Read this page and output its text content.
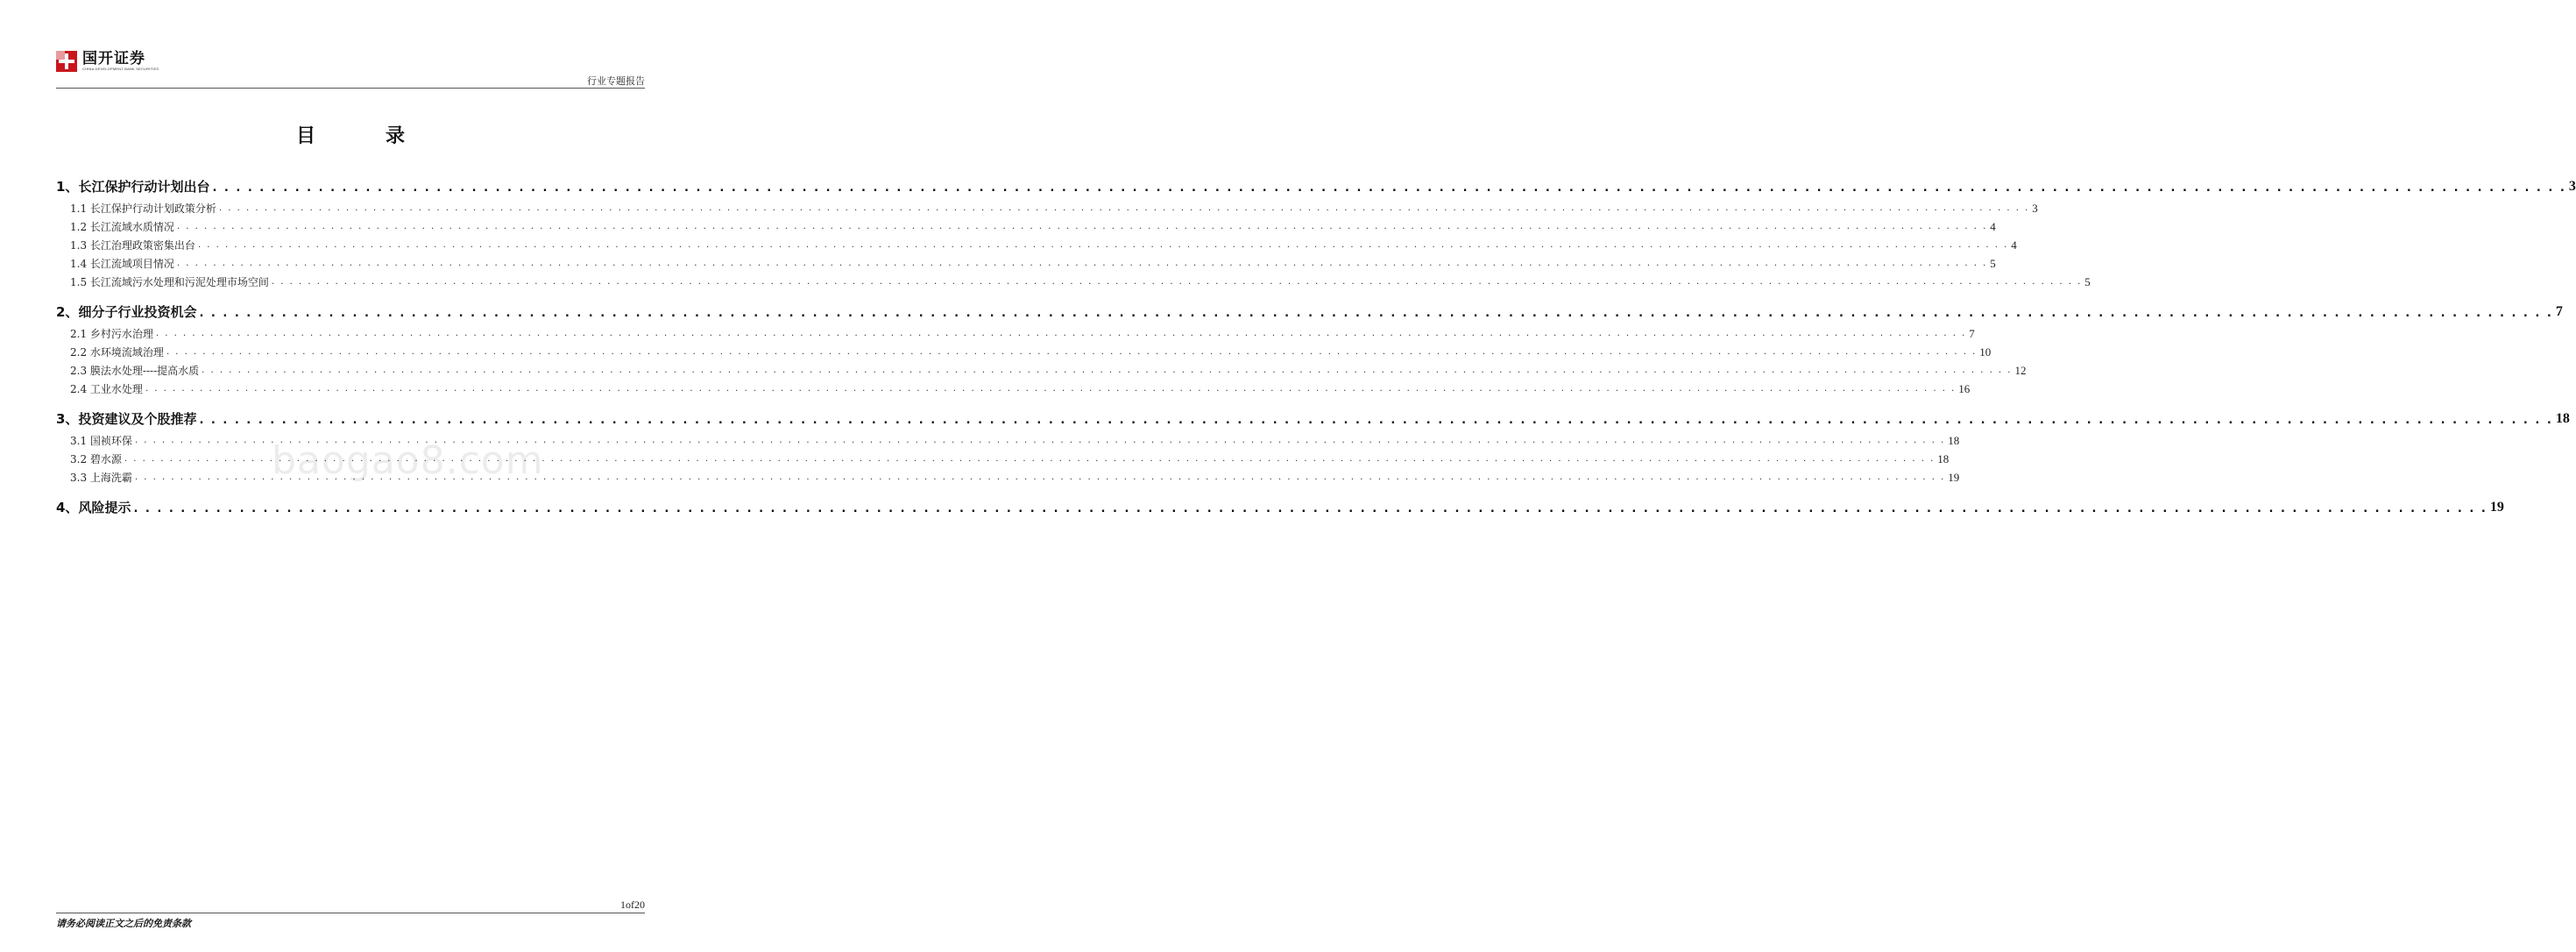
国开证券
CHINA DEVELOPMENT BANK SECURITIES
行业专题报告
目	录
baogao8.com
1、长江保护行动计划出台 . . . . . . . . . . . . . . . . . . . . . . . . . . . . . . . . . . . . . . . . . . . . . . . . . . . . . . . . . . . . . . . . . . . . . . . . . . . . . . . . . . . . . . . . . . . . . . . . . . . . . . . . . . . . . . . . . . . . . . . . . . . . . . . . . . . . . . . . . . . . . . . . . . . . . . . . . . . . . . . . . . . . . . . . . . . . . . . . . . . . . . . . . . . . . . . . . . . . . . . . 3
1.1 长江保护行动计划政策分析 . . . . . . . . . . . . . . . . . . . . . . . . . . . . . . . . . . . . . . . . . . . . . . . . . . . . . . . . . . . . . . . . . . . . . . . . . . . . . . . . . . . . . . . . . . . . . . . . . . . . . . . . . . . . . . . . . . . . . . . . . . . . . . . . . . . . . . . . . . . . . . . . . . . . . . . . . . . . . . . . . . . . . . . . . . . . . . . . . . . . . . . . . . . . . . . . . . . . . . . . 3
1.2 长江流域水质情况 . . . . . . . . . . . . . . . . . . . . . . . . . . . . . . . . . . . . . . . . . . . . . . . . . . . . . . . . . . . . . . . . . . . . . . . . . . . . . . . . . . . . . . . . . . . . . . . . . . . . . . . . . . . . . . . . . . . . . . . . . . . . . . . . . . . . . . . . . . . . . . . . . . . . . . . . . . . . . . . . . . . . . . . . . . . . . . . . . . . . . . . . . . . . . . . . . . . . . . . . 4
1.3 长江治理政策密集出台 . . . . . . . . . . . . . . . . . . . . . . . . . . . . . . . . . . . . . . . . . . . . . . . . . . . . . . . . . . . . . . . . . . . . . . . . . . . . . . . . . . . . . . . . . . . . . . . . . . . . . . . . . . . . . . . . . . . . . . . . . . . . . . . . . . . . . . . . . . . . . . . . . . . . . . . . . . . . . . . . . . . . . . . . . . . . . . . . . . . . . . . . . . . . . . . . . . . . . . . . 4
1.4 长江流域项目情况 . . . . . . . . . . . . . . . . . . . . . . . . . . . . . . . . . . . . . . . . . . . . . . . . . . . . . . . . . . . . . . . . . . . . . . . . . . . . . . . . . . . . . . . . . . . . . . . . . . . . . . . . . . . . . . . . . . . . . . . . . . . . . . . . . . . . . . . . . . . . . . . . . . . . . . . . . . . . . . . . . . . . . . . . . . . . . . . . . . . . . . . . . . . . . . . . . . . . . . . . 5
1.5 长江流域污水处理和污泥处理市场空间 . . . . . . . . . . . . . . . . . . . . . . . . . . . . . . . . . . . . . . . . . . . . . . . . . . . . . . . . . . . . . . . . . . . . . . . . . . . . . . . . . . . . . . . . . . . . . . . . . . . . . . . . . . . . . . . . . . . . . . . . . . . . . . . . . . . . . . . . . . . . . . . . . . . . . . . . . . . . . . . . . . . . . . . . . . . . . . . . . . . . . . . . . . . . . . . . . . . . . . . . 5
2、细分子行业投资机会 . . . . . . . . . . . . . . . . . . . . . . . . . . . . . . . . . . . . . . . . . . . . . . . . . . . . . . . . . . . . . . . . . . . . . . . . . . . . . . . . . . . . . . . . . . . . . . . . . . . . . . . . . . . . . . . . . . . . . . . . . . . . . . . . . . . . . . . . . . . . . . . . . . . . . . . . . . . . . . . . . . . . . . . . . . . . . . . . . . . . . . . . . . . . . . . . . . . . . . . . 7
2.1 乡村污水治理 . . . . . . . . . . . . . . . . . . . . . . . . . . . . . . . . . . . . . . . . . . . . . . . . . . . . . . . . . . . . . . . . . . . . . . . . . . . . . . . . . . . . . . . . . . . . . . . . . . . . . . . . . . . . . . . . . . . . . . . . . . . . . . . . . . . . . . . . . . . . . . . . . . . . . . . . . . . . . . . . . . . . . . . . . . . . . . . . . . . . . . . . . . . . . . . . . . . . . . . . 7
2.2 水环境流域治理 . . . . . . . . . . . . . . . . . . . . . . . . . . . . . . . . . . . . . . . . . . . . . . . . . . . . . . . . . . . . . . . . . . . . . . . . . . . . . . . . . . . . . . . . . . . . . . . . . . . . . . . . . . . . . . . . . . . . . . . . . . . . . . . . . . . . . . . . . . . . . . . . . . . . . . . . . . . . . . . . . . . . . . . . . . . . . . . . . . . . . . . . . . . . . . . . . . . . . . . . 10
2.3 膜法水处理----提高水质 . . . . . . . . . . . . . . . . . . . . . . . . . . . . . . . . . . . . . . . . . . . . . . . . . . . . . . . . . . . . . . . . . . . . . . . . . . . . . . . . . . . . . . . . . . . . . . . . . . . . . . . . . . . . . . . . . . . . . . . . . . . . . . . . . . . . . . . . . . . . . . . . . . . . . . . . . . . . . . . . . . . . . . . . . . . . . . . . . . . . . . . . . . . . . . . . . . . . . . . . 12
2.4 工业水处理 . . . . . . . . . . . . . . . . . . . . . . . . . . . . . . . . . . . . . . . . . . . . . . . . . . . . . . . . . . . . . . . . . . . . . . . . . . . . . . . . . . . . . . . . . . . . . . . . . . . . . . . . . . . . . . . . . . . . . . . . . . . . . . . . . . . . . . . . . . . . . . . . . . . . . . . . . . . . . . . . . . . . . . . . . . . . . . . . . . . . . . . . . . . . . . . . . . . . . . . . 16
3、投资建议及个股推荐 . . . . . . . . . . . . . . . . . . . . . . . . . . . . . . . . . . . . . . . . . . . . . . . . . . . . . . . . . . . . . . . . . . . . . . . . . . . . . . . . . . . . . . . . . . . . . . . . . . . . . . . . . . . . . . . . . . . . . . . . . . . . . . . . . . . . . . . . . . . . . . . . . . . . . . . . . . . . . . . . . . . . . . . . . . . . . . . . . . . . . . . . . . . . . . . . . . . . . . . . 18
3.1 国祯环保 . . . . . . . . . . . . . . . . . . . . . . . . . . . . . . . . . . . . . . . . . . . . . . . . . . . . . . . . . . . . . . . . . . . . . . . . . . . . . . . . . . . . . . . . . . . . . . . . . . . . . . . . . . . . . . . . . . . . . . . . . . . . . . . . . . . . . . . . . . . . . . . . . . . . . . . . . . . . . . . . . . . . . . . . . . . . . . . . . . . . . . . . . . . . . . . . . . . . . . . . 18
3.2 碧水源 . . . . . . . . . . . . . . . . . . . . . . . . . . . . . . . . . . . . . . . . . . . . . . . . . . . . . . . . . . . . . . . . . . . . . . . . . . . . . . . . . . . . . . . . . . . . . . . . . . . . . . . . . . . . . . . . . . . . . . . . . . . . . . . . . . . . . . . . . . . . . . . . . . . . . . . . . . . . . . . . . . . . . . . . . . . . . . . . . . . . . . . . . . . . . . . . . . . . . . . . 18
3.3 上海洗霸 . . . . . . . . . . . . . . . . . . . . . . . . . . . . . . . . . . . . . . . . . . . . . . . . . . . . . . . . . . . . . . . . . . . . . . . . . . . . . . . . . . . . . . . . . . . . . . . . . . . . . . . . . . . . . . . . . . . . . . . . . . . . . . . . . . . . . . . . . . . . . . . . . . . . . . . . . . . . . . . . . . . . . . . . . . . . . . . . . . . . . . . . . . . . . . . . . . . . . . . . 19
4、风险提示 . . . . . . . . . . . . . . . . . . . . . . . . . . . . . . . . . . . . . . . . . . . . . . . . . . . . . . . . . . . . . . . . . . . . . . . . . . . . . . . . . . . . . . . . . . . . . . . . . . . . . . . . . . . . . . . . . . . . . . . . . . . . . . . . . . . . . . . . . . . . . . . . . . . . . . . . . . . . . . . . . . . . . . . . . . . . . . . . . . . . . . . . . . . . . . . . . . . . . . . . 19
1of20
请务必阅读正文之后的免责条款
